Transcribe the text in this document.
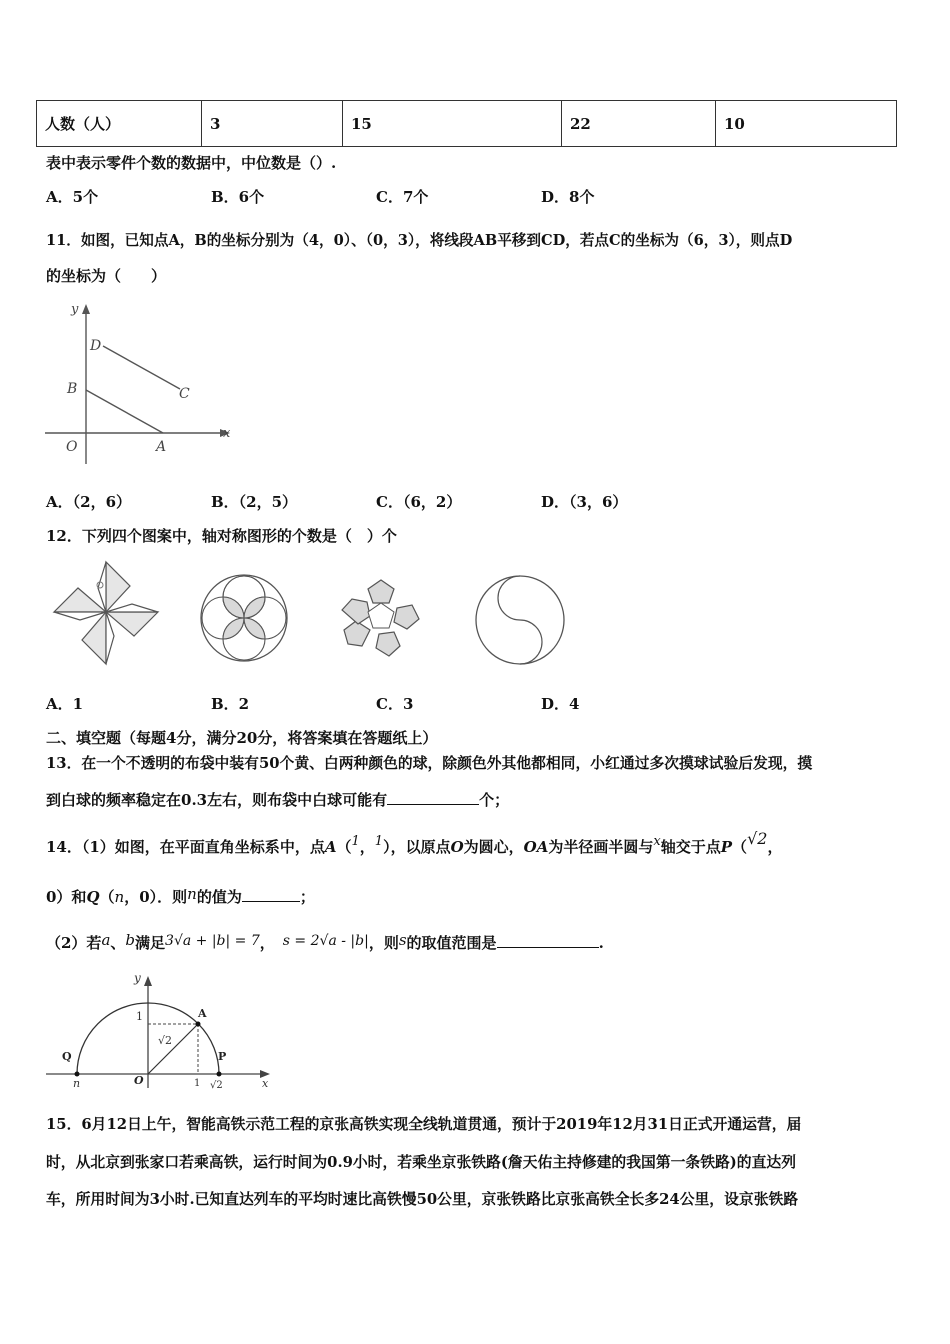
人数（人）	3	15	22	10
表中表示零件个数的数据中，中位数是（）.
A．5个	B．6个	C．7个	D．8个
11．如图，已知点A，B的坐标分别为（4，0）、（0，3），将线段AB平移到CD，若点C的坐标为（6，3），则点D
的坐标为（　　）
y
x
D
C
B
O	A
A．（2，6）	B．（2，5）	C．（6，2）	D．（3，6）
12．下列四个图案中，轴对称图形的个数是（　）个
A．1	B．2	C．3	D．4
二、填空题（每题4分，满分20分，将答案填在答题纸上）
13．在一个不透明的布袋中装有50个黄、白两种颜色的球，除颜色外其他都相同，小红通过多次摸球试验后发现，摸
到白球的频率稳定在0.3左右，则布袋中白球可能有	个；
14．（1）如图，在平面直角坐标系中，点A（1，1），以原点O为圆心，OA为半径画半圆与x轴交于点P（√2，
0）和Q（n，0）．则n的值为	；
（2）若a、b满足3√a + |b| = 7， s = 2√a - |b|，则s的取值范围是	.
y
1	A
√2
Q	P
n	O	1 √2	x
15．6月12日上午，智能高铁示范工程的京张高铁实现全线轨道贯通，预计于2019年12月31日正式开通运营，届
时，从北京到张家口若乘高铁，运行时间为0.9小时，若乘坐京张铁路(詹天佑主持修建的我国第一条铁路)的直达列
车，所用时间为3小时.已知直达列车的平均时速比高铁慢50公里，京张铁路比京张高铁全长多24公里，设京张铁路
